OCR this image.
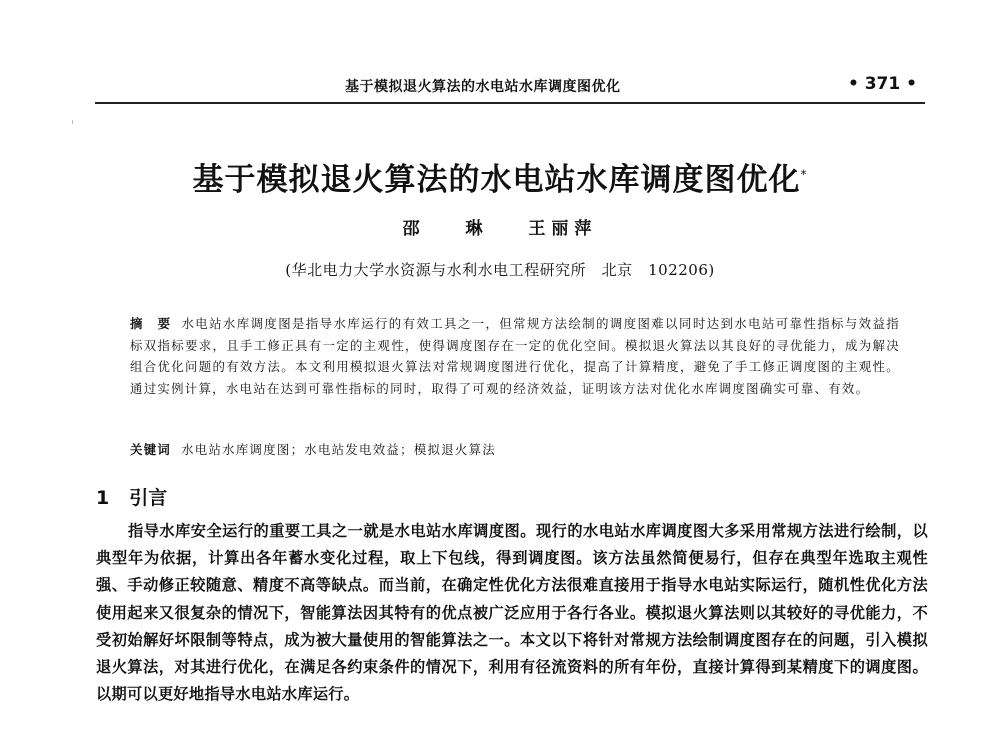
基于模拟退火算法的水电站水库调度图优化	• 371 •
基于模拟退火算法的水电站水库调度图优化*
邵 琳 王丽萍
(华北电力大学水资源与水利水电工程研究所　北京　102206)
摘　要 水电站水库调度图是指导水库运行的有效工具之一，但常规方法绘制的调度图难以同时达到水电站可靠性指标与效益指标双指标要求，且手工修正具有一定的主观性，使得调度图存在一定的优化空间。模拟退火算法以其良好的寻优能力，成为解决组合优化问题的有效方法。本文利用模拟退火算法对常规调度图进行优化，提高了计算精度，避免了手工修正调度图的主观性。通过实例计算，水电站在达到可靠性指标的同时，取得了可观的经济效益，证明该方法对优化水库调度图确实可靠、有效。
关键词 水电站水库调度图；水电站发电效益；模拟退火算法
1 引言
指导水库安全运行的重要工具之一就是水电站水库调度图。现行的水电站水库调度图大多采用常规方法进行绘制，以典型年为依据，计算出各年蓄水变化过程，取上下包线，得到调度图。该方法虽然简便易行，但存在典型年选取主观性强、手动修正较随意、精度不高等缺点。而当前，在确定性优化方法很难直接用于指导水电站实际运行，随机性优化方法使用起来又很复杂的情况下，智能算法因其特有的优点被广泛应用于各行各业。模拟退火算法则以其较好的寻优能力，不受初始解好坏限制等特点，成为被大量使用的智能算法之一。本文以下将针对常规方法绘制调度图存在的问题，引入模拟退火算法，对其进行优化，在满足各约束条件的情况下，利用有径流资料的所有年份，直接计算得到某精度下的调度图。以期可以更好地指导水电站水库运行。
